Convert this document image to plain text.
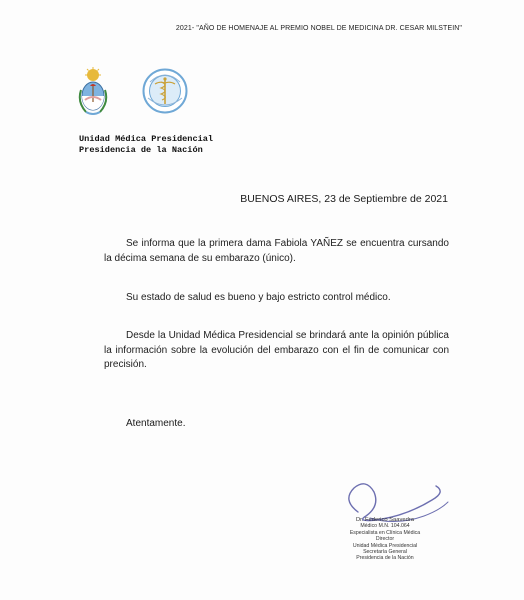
2021- "AÑO DE HOMENAJE AL PREMIO NOBEL DE MEDICINA DR. CESAR MILSTEIN"
Unidad Médica Presidencial
Presidencia de la Nación
BUENOS AIRES, 23 de Septiembre de 2021
Se informa que la primera dama Fabiola YAÑEZ se encuentra cursando la décima semana de su embarazo (único).
Su estado de salud es bueno y bajo estricto control médico.
Desde la Unidad Médica Presidencial se brindará ante la opinión pública la información sobre la evolución del embarazo con el fin de comunicar con precisión.
Atentamente.
Dr. Federico Saavedra
Médico M.N. 104.064
Especialista en Clínica Médica
Director
Unidad Médica Presidencial
Secretaría General
Presidencia de la Nación
